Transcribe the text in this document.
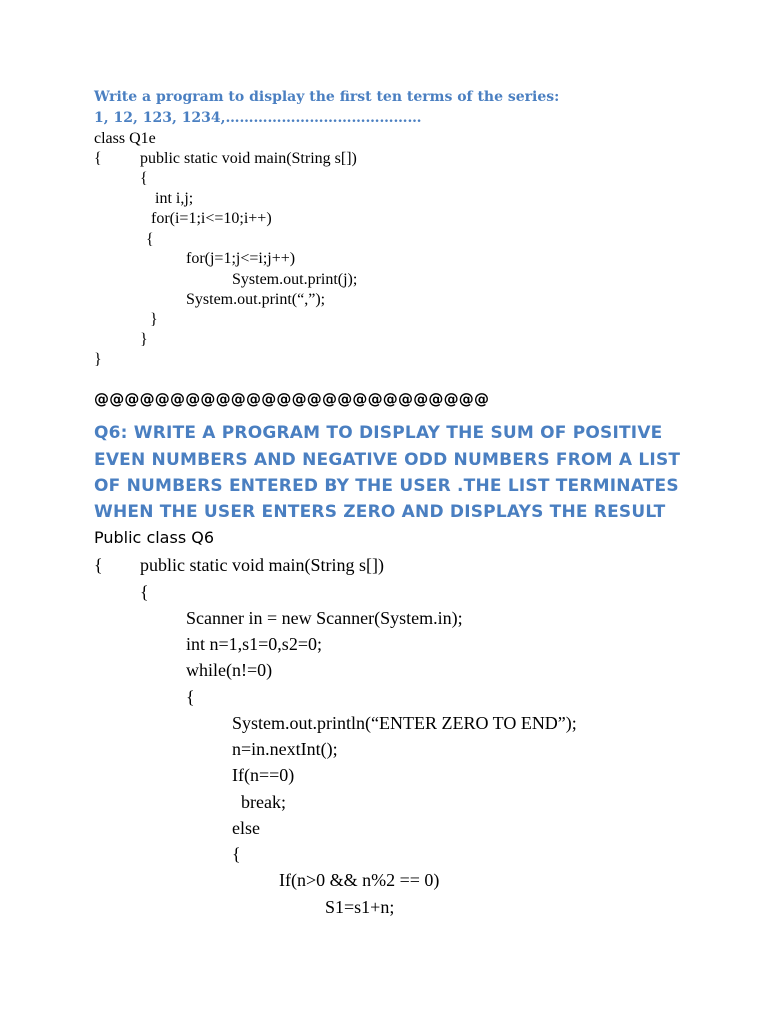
Write a program to display the first ten terms of the series:
1, 12, 123, 1234,……………………………………
class Q1e
{ public static void main(String s[])
{
int i,j;
for(i=1;i<=10;i++)
{
for(j=1;j<=i;j++)
System.out.print(j);
System.out.print(“,”);
}
}
}
@@@@@@@@@@@@@@@@@@@@@@@@@@
Q6: WRITE A PROGRAM TO DISPLAY THE SUM OF POSITIVE
EVEN NUMBERS AND NEGATIVE ODD NUMBERS FROM A LIST
OF NUMBERS ENTERED BY THE USER .THE LIST TERMINATES
WHEN THE USER ENTERS ZERO AND DISPLAYS THE RESULT
Public class Q6
{ public static void main(String s[])
{
Scanner in = new Scanner(System.in);
int n=1,s1=0,s2=0;
while(n!=0)
{
System.out.println(“ENTER ZERO TO END”);
n=in.nextInt();
If(n==0)
break;
else
{
If(n>0 && n%2 == 0)
S1=s1+n;
